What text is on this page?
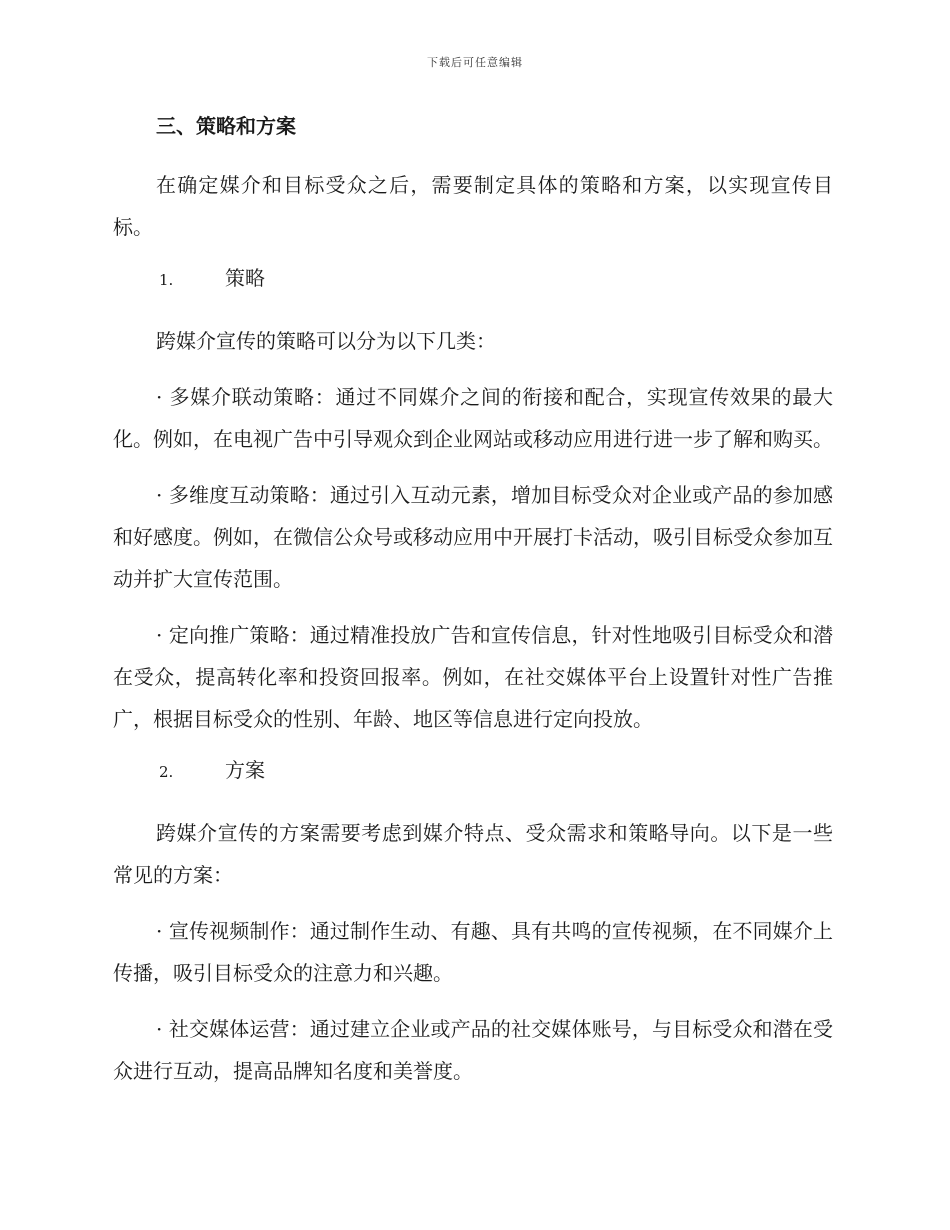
下载后可任意编辑
三、策略和方案

在确定媒介和目标受众之后，需要制定具体的策略和方案，以实现宣传目标。

1.	策略

跨媒介宣传的策略可以分为以下几类：

· 多媒介联动策略：通过不同媒介之间的衔接和配合，实现宣传效果的最大化。例如，在电视广告中引导观众到企业网站或移动应用进行进一步了解和购买。

· 多维度互动策略：通过引入互动元素，增加目标受众对企业或产品的参加感和好感度。例如，在微信公众号或移动应用中开展打卡活动，吸引目标受众参加互动并扩大宣传范围。

· 定向推广策略：通过精准投放广告和宣传信息，针对性地吸引目标受众和潜在受众，提高转化率和投资回报率。例如，在社交媒体平台上设置针对性广告推广，根据目标受众的性别、年龄、地区等信息进行定向投放。

2.	方案

跨媒介宣传的方案需要考虑到媒介特点、受众需求和策略导向。以下是一些常见的方案：

· 宣传视频制作：通过制作生动、有趣、具有共鸣的宣传视频，在不同媒介上传播，吸引目标受众的注意力和兴趣。

· 社交媒体运营：通过建立企业或产品的社交媒体账号，与目标受众和潜在受众进行互动，提高品牌知名度和美誉度。
